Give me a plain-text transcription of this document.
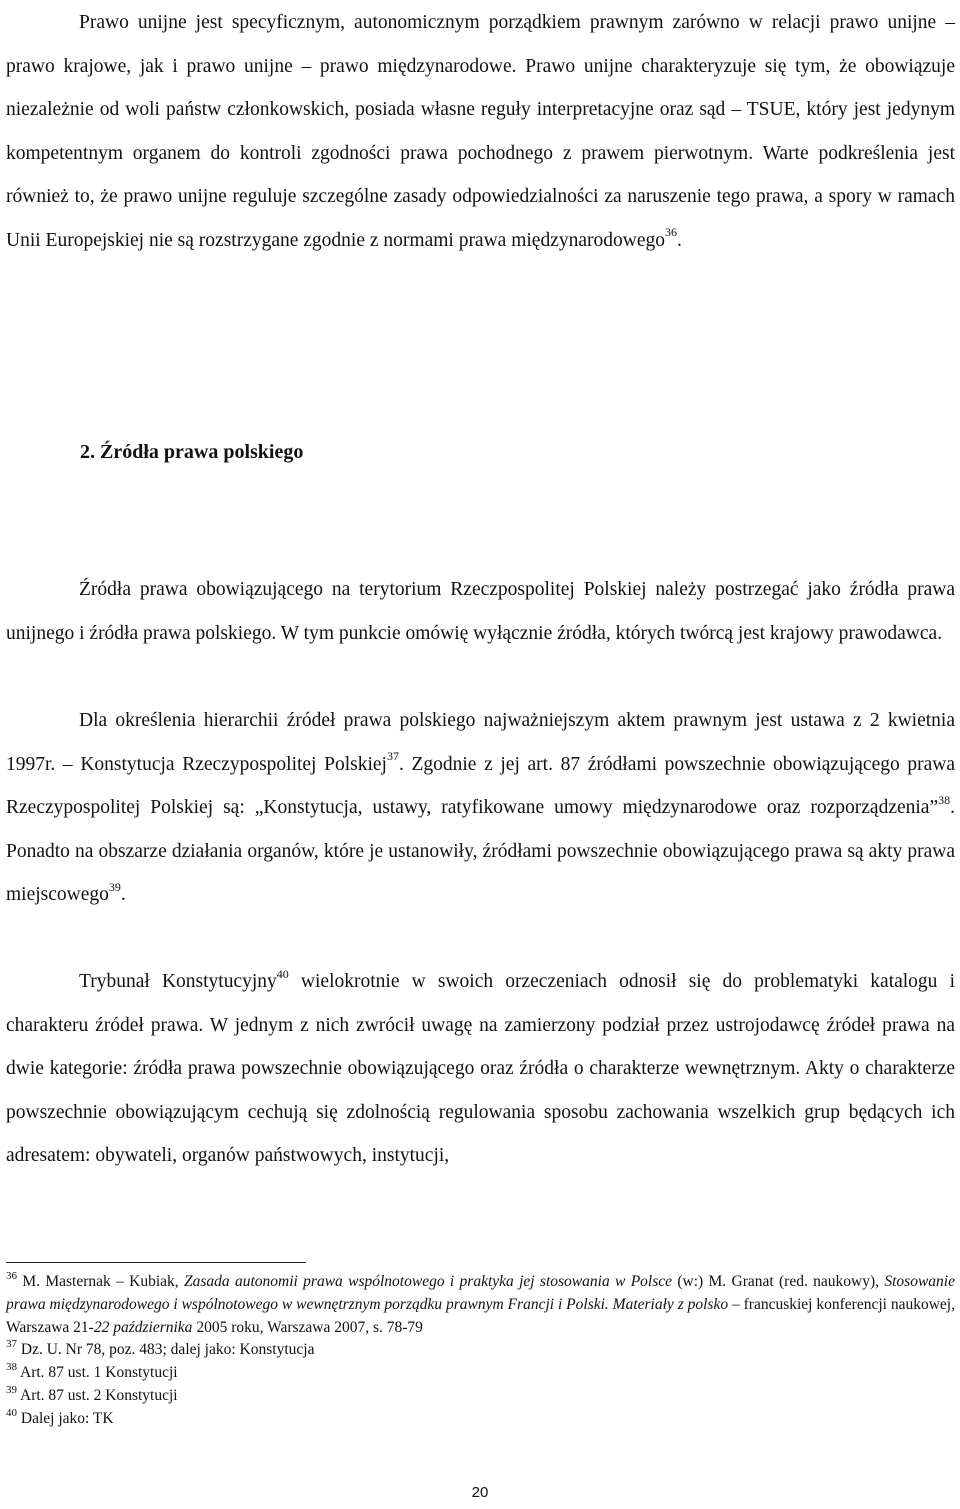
Prawo unijne jest specyficznym, autonomicznym porządkiem prawnym zarówno w relacji prawo unijne – prawo krajowe, jak i prawo unijne – prawo międzynarodowe. Prawo unijne charakteryzuje się tym, że obowiązuje niezależnie od woli państw członkowskich, posiada własne reguły interpretacyjne oraz sąd – TSUE, który jest jedynym kompetentnym organem do kontroli zgodności prawa pochodnego z prawem pierwotnym. Warte podkreślenia jest również to, że prawo unijne reguluje szczególne zasady odpowiedzialności za naruszenie tego prawa, a spory w ramach Unii Europejskiej nie są rozstrzygane zgodnie z normami prawa międzynarodowego$^{36}$.

2. Źródła prawa polskiego

Źródła prawa obowiązującego na terytorium Rzeczpospolitej Polskiej należy postrzegać jako źródła prawa unijnego i źródła prawa polskiego. W tym punkcie omówię wyłącznie źródła, których twórcą jest krajowy prawodawca.

Dla określenia hierarchii źródeł prawa polskiego najważniejszym aktem prawnym jest ustawa z 2 kwietnia 1997r. – Konstytucja Rzeczypospolitej Polskiej$^{37}$. Zgodnie z jej art. 87 źródłami powszechnie obowiązującego prawa Rzeczypospolitej Polskiej są: „Konstytucja, ustawy, ratyfikowane umowy międzynarodowe oraz rozporządzenia”$^{38}$. Ponadto na obszarze działania organów, które je ustanowiły, źródłami powszechnie obowiązującego prawa są akty prawa miejscowego$^{39}$.

Trybunał Konstytucyjny$^{40}$ wielokrotnie w swoich orzeczeniach odnosił się do problematyki katalogu i charakteru źródeł prawa. W jednym z nich zwrócił uwagę na zamierzony podział przez ustrojodawcę źródeł prawa na dwie kategorie: źródła prawa powszechnie obowiązującego oraz źródła o charakterze wewnętrznym. Akty o charakterze powszechnie obowiązującym cechują się zdolnością regulowania sposobu zachowania wszelkich grup będących ich adresatem: obywateli, organów państwowych, instytucji,

$^{36}$ M. Masternak – Kubiak, Zasada autonomii prawa wspólnotowego i praktyka jej stosowania w Polsce (w:) M. Granat (red. naukowy), Stosowanie prawa międzynarodowego i wspólnotowego w wewnętrznym porządku prawnym Francji i Polski. Materiały z polsko – francuskiej konferencji naukowej, Warszawa 21-22 października 2005 roku, Warszawa 2007, s. 78-79

$^{37}$ Dz. U. Nr 78, poz. 483; dalej jako: Konstytucja

$^{38}$ Art. 87 ust. 1 Konstytucji

$^{39}$ Art. 87 ust. 2 Konstytucji

$^{40}$ Dalej jako: TK

20
